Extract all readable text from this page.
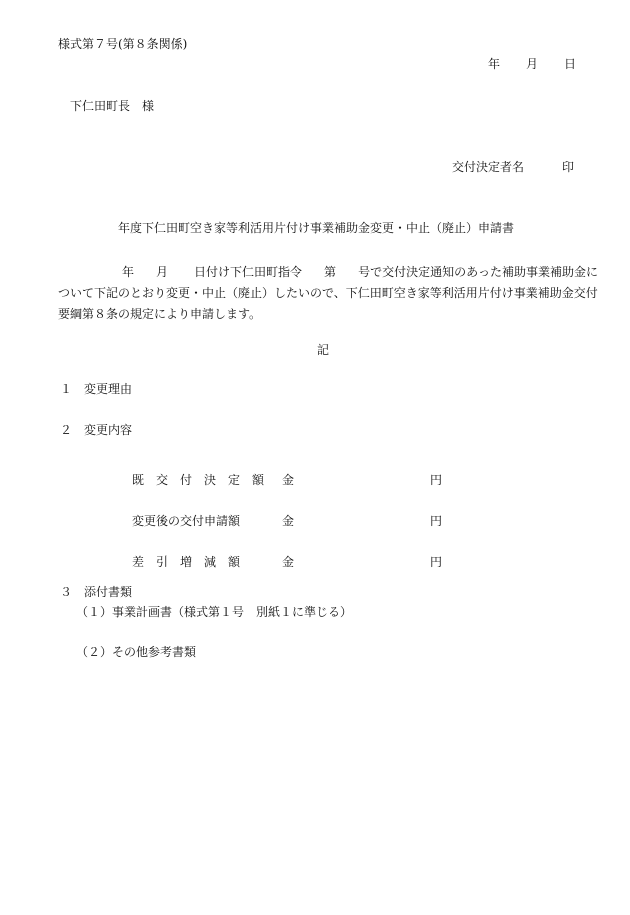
様式第７号(第８条関係)
年 月 日
下仁田町長　様
交付決定者名	印
年度下仁田町空き家等利活用片付け事業補助金変更・中止（廃止）申請書
年 月 日付け下仁田町指令 第 号で交付決定通知のあった補助事業補助金について下記のとおり変更・中止（廃止）したいので、下仁田町空き家等利活用片付け事業補助金交付要綱第８条の規定により申請します。
記
１ 変更理由
２ 変更内容
既　交　付　決　定　額 金	円
変更後の交付申請額	金	円
差　引　増　減　額	金	円
３ 添付書類
（１）事業計画書（様式第１号　別紙１に準じる）
（２）その他参考書類
